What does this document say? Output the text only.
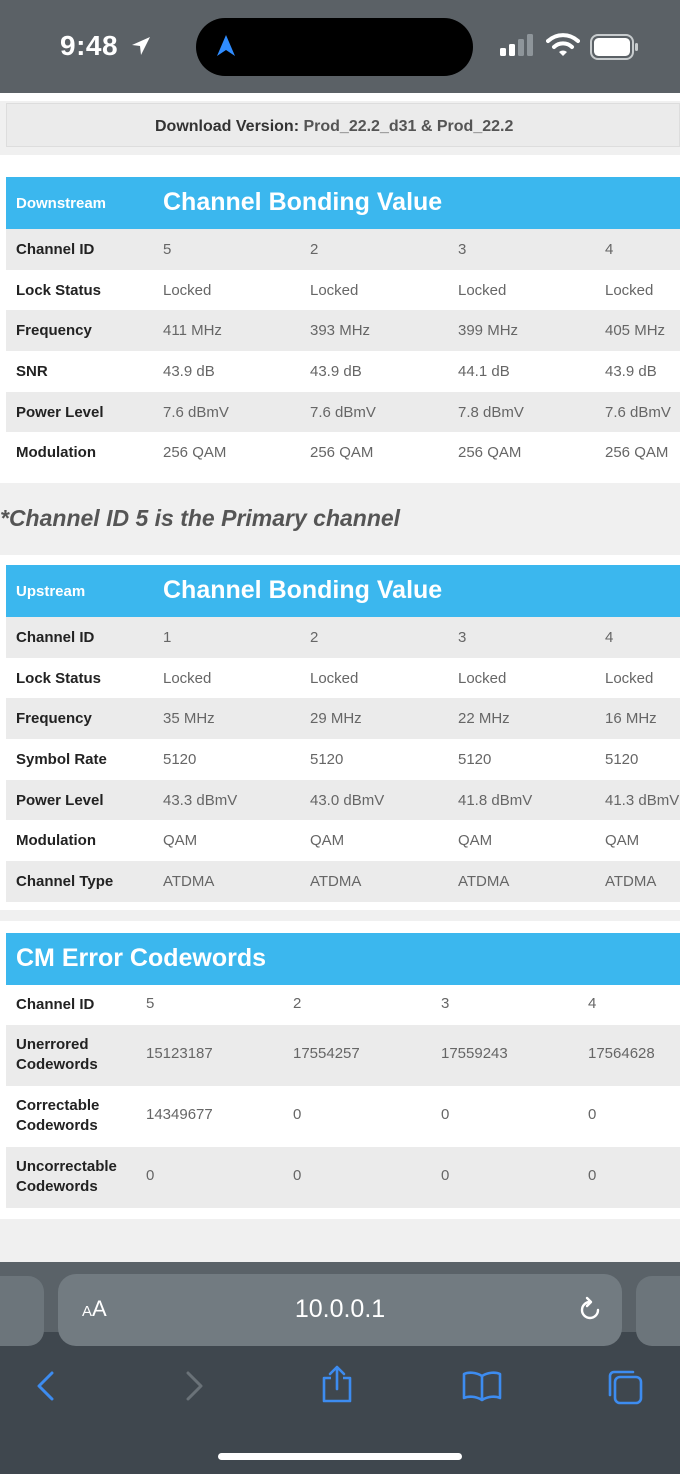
9:48
Download Version: Prod_22.2_d31 & Prod_22.2
Downstream Channel Bonding Value
Channel ID	5	2	3	4
Lock Status	Locked	Locked	Locked	Locked
Frequency	411 MHz	393 MHz	399 MHz	405 MHz
SNR	43.9 dB	43.9 dB	44.1 dB	43.9 dB
Power Level	7.6 dBmV	7.6 dBmV	7.8 dBmV	7.6 dBmV
Modulation	256 QAM	256 QAM	256 QAM	256 QAM
*Channel ID 5 is the Primary channel
Upstream	Channel Bonding Value
Channel ID	1	2	3	4
Lock Status	Locked	Locked	Locked	Locked
Frequency	35 MHz	29 MHz	22 MHz	16 MHz
Symbol Rate	5120	5120	5120	5120
Power Level	43.3 dBmV	43.0 dBmV	41.8 dBmV	41.3 dBmV
Modulation	QAM	QAM	QAM	QAM
Channel Type	ATDMA	ATDMA	ATDMA	ATDMA
CM Error Codewords
Channel ID	5	2	3	4
Unerrored Codewords
15123187	17554257	17559243	17564628
Correctable Codewords
14349677	0	0	0
Uncorrectable Codewords
0	0	0	0
AA	10.0.0.1
